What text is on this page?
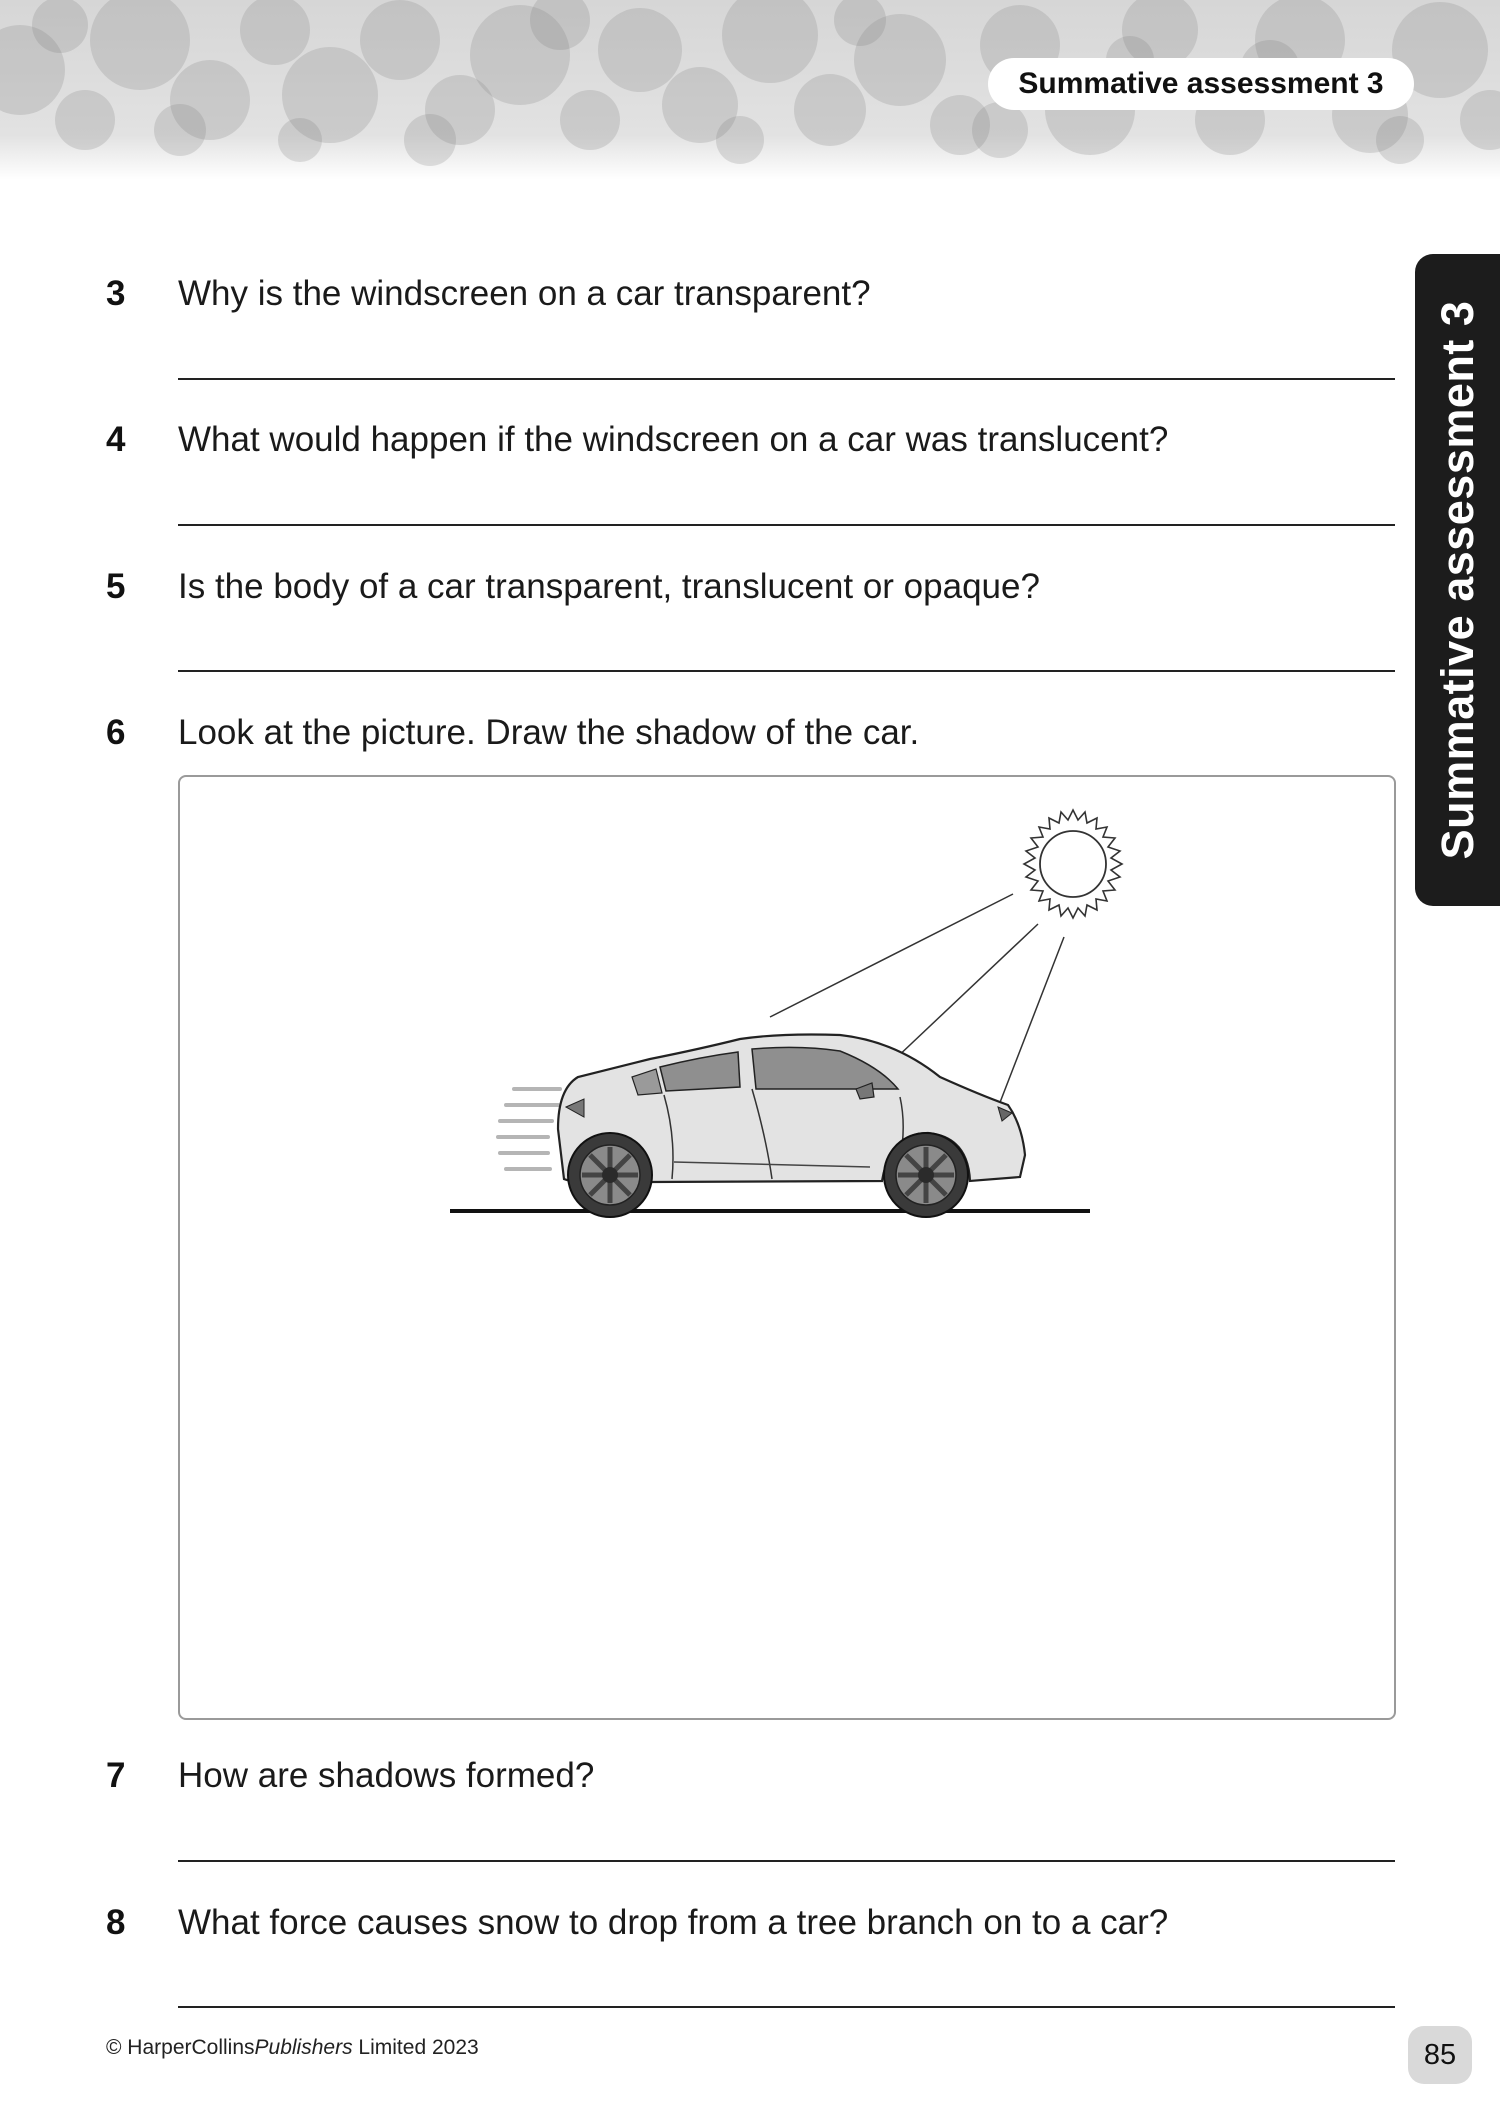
Summative assessment 3
Summative assessment 3
3 Why is the windscreen on a car transparent?
4 What would happen if the windscreen on a car was translucent?
5 Is the body of a car transparent, translucent or opaque?
6 Look at the picture. Draw the shadow of the car.
7 How are shadows formed?
8 What force causes snow to drop from a tree branch on to a car?
© HarperCollinsPublishers Limited 2023	85
